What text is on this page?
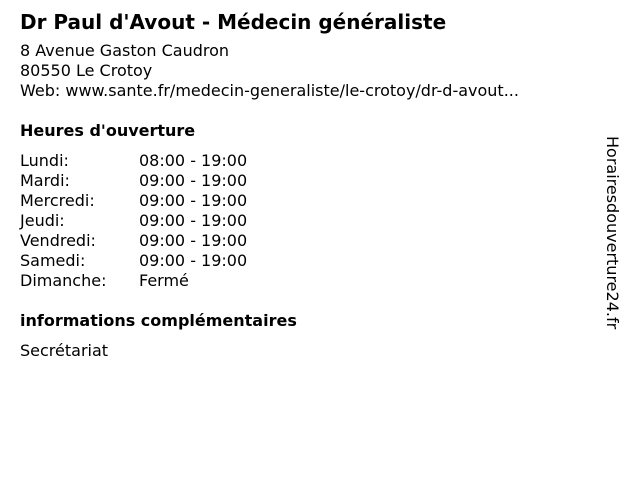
Dr Paul d'Avout - Médecin généraliste
8 Avenue Gaston Caudron
80550 Le Crotoy
Web: www.sante.fr/medecin-generaliste/le-crotoy/dr-d-avout...
Heures d'ouverture
Lundi:	08:00 - 19:00
Mardi:	09:00 - 19:00
Mercredi:	09:00 - 19:00
Jeudi:	09:00 - 19:00
Vendredi:	09:00 - 19:00
Samedi:	09:00 - 19:00
Dimanche:	Fermé
informations complémentaires
Secrétariat
Horairesdouverture24.fr
